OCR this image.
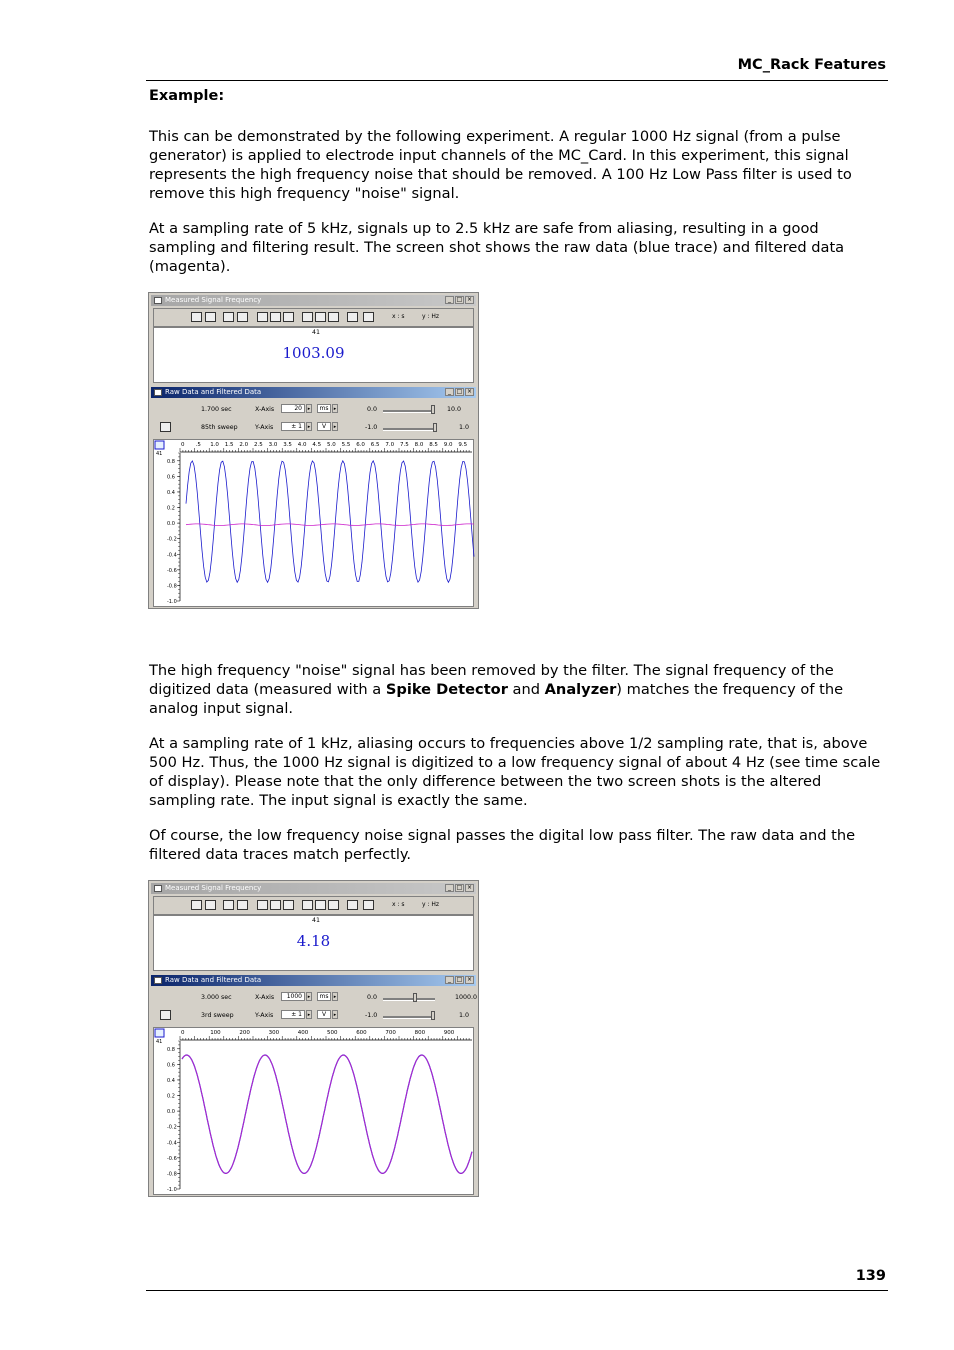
MC_Rack Features
Example:
This can be demonstrated by the following experiment. A regular 1000 Hz signal (from a pulse generator) is applied to electrode input channels of the MC_Card. In this experiment, this signal represents the high frequency noise that should be removed. A 100 Hz Low Pass filter is used to remove this high frequency "noise" signal.
At a sampling rate of 5 kHz, signals up to 2.5 kHz are safe from aliasing, resulting in a good sampling and filtering result. The screen shot shows the raw data (blue trace) and filtered data (magenta).
Measured Signal Frequency	_ □ ×
x : s	y : Hz
41
1003.09
Raw Data and Filtered Data	_ □ ×
1.700 sec	X-Axis	20	▸	ms	▸	0.0	10.0
85th sweep	Y-Axis	± 1	▸	V	▸	-1.0	1.0
0 .5 1.0 1.5 2.0 2.5 3.0 3.5 4.0 4.5 5.0 5.5 6.0 6.5 7.0 7.5 8.0 8.5 9.0 9.5
41
0.8
0.6
0.4
0.2
0.0
-0.2
-0.4
-0.6
-0.8
-1.0
The high frequency "noise" signal has been removed by the filter. The signal frequency of the digitized data (measured with a Spike Detector and Analyzer) matches the frequency of the analog input signal.
At a sampling rate of 1 kHz, aliasing occurs to frequencies above 1/2 sampling rate, that is, above 500 Hz. Thus, the 1000 Hz signal is digitized to a low frequency signal of about 4 Hz (see time scale of display). Please note that the only difference between the two screen shots is the altered sampling rate. The input signal is exactly the same.
Of course, the low frequency noise signal passes the digital low pass filter. The raw data and the filtered data traces match perfectly.
Measured Signal Frequency	_ □ ×
x : s	y : Hz
41
4.18
Raw Data and Filtered Data	_ □ ×
3.000 sec	X-Axis	1000	▸	ms	▸	0.0	1000.0
3rd sweep	Y-Axis	± 1	▸	V	▸	-1.0	1.0
0	100	200	300	400	500	600	700	800	900
41
0.8
0.6
0.4
0.2
0.0
-0.2
-0.4
-0.6
-0.8
-1.0
139
